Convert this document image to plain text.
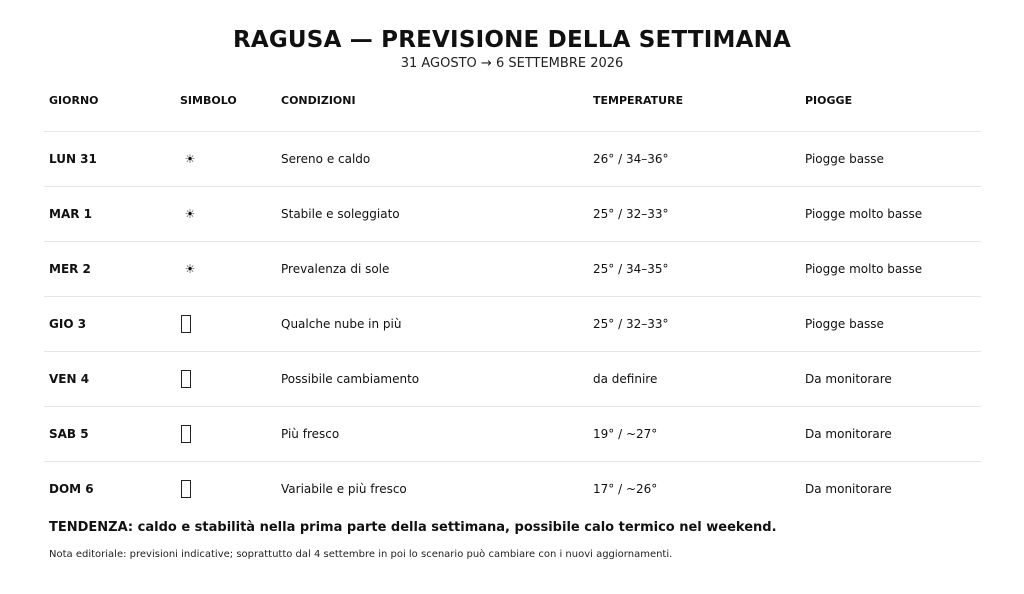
RAGUSA — PREVISIONE DELLA SETTIMANA
31 AGOSTO → 6 SETTEMBRE 2026
GIORNO	SIMBOLO	CONDIZIONI	TEMPERATURE	PIOGGE
LUN 31	☀	Sereno e caldo	26° / 34–36°	Piogge basse
MAR 1	☀	Stabile e soleggiato	25° / 32–33°	Piogge molto basse
MER 2	☀	Prevalenza di sole	25° / 34–35°	Piogge molto basse
GIO 3		Qualche nube in più	25° / 32–33°	Piogge basse
VEN 4		Possibile cambiamento	da definire	Da monitorare
SAB 5		Più fresco	19° / ~27°	Da monitorare
DOM 6		Variabile e più fresco	17° / ~26°	Da monitorare
TENDENZA: caldo e stabilità nella prima parte della settimana, possibile calo termico nel weekend.
Nota editoriale: previsioni indicative; soprattutto dal 4 settembre in poi lo scenario può cambiare con i nuovi aggiornamenti.
